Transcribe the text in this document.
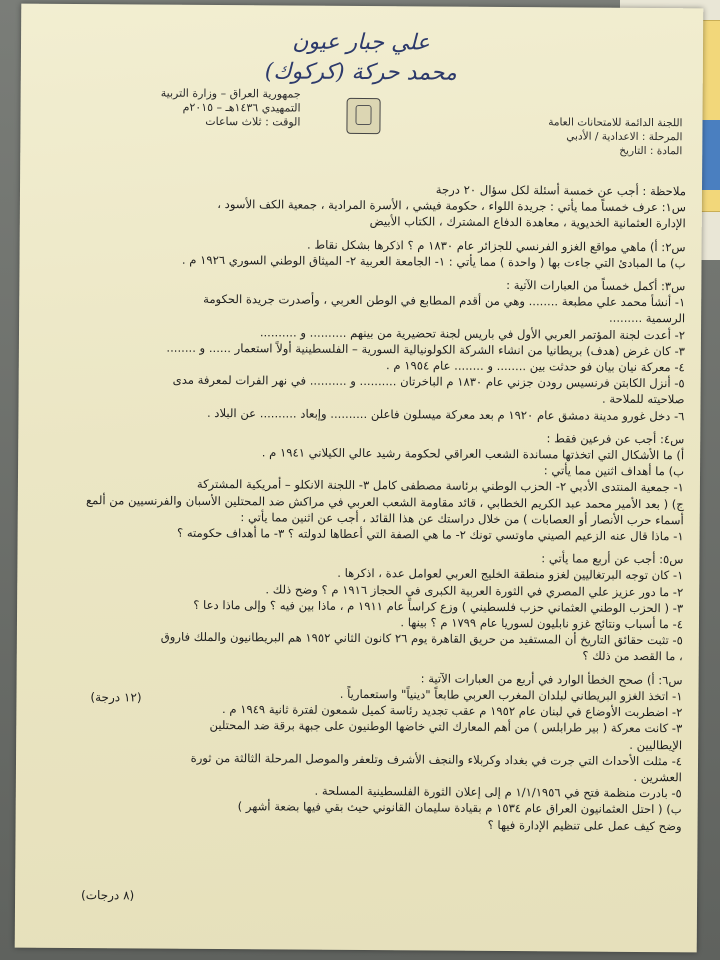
علي جبار عيون
محمد حركة (كركوك)
جمهورية العراق – وزارة التربية
التمهيدي ١٤٣٦هـ – ٢٠١٥م
الوقت : ثلاث ساعات	اللجنة الدائمة للامتحانات العامة
المرحلة : الاعدادية / الأدبي
المادة : التاريخ

ملاحظة : أجب عن خمسة أسئلة لكل سؤال ٢٠ درجة

س١: عرف خمساً مما يأتي : جريدة اللواء ، حكومة فيشي ، الأسرة المرادية ، جمعية الكف الأسود ،

الإدارة العثمانية الخديوية ، معاهدة الدفاع المشترك ، الكتاب الأبيض

س٢: أ) ماهي مواقع الغزو الفرنسي للجزائر عام ١٨٣٠ م ؟ اذكرها بشكل نقاط .

ب) ما المبادئ التي جاءت بها ( واحدة ) مما يأتي : ١- الجامعة العربية ٢- الميثاق الوطني السوري ١٩٢٦ م .

س٣: أكمل خمساً من العبارات الآتية :

١- أنشأ محمد علي مطبعة ........ وهي من أقدم المطابع في الوطن العربي ، وأصدرت جريدة الحكومة

الرسمية .........

٢- أعدت لجنة المؤتمر العربي الأول في باريس لجنة تحضيرية من بينهم .......... و ..........

٣- كان غرض (هدف) بريطانيا من انشاء الشركة الكولونيالية السورية – الفلسطينية أولاً استعمار ...... و ........

٤- معركة نيان بيان فو حدثت بين ........ و ........ عام ١٩٥٤ م .

٥- أنزل الكابتن فرنسيس رودن جزني عام ١٨٣٠ م الباخرتان .......... و .......... في نهر الفرات لمعرفة مدى

صلاحيته للملاحة .

٦- دخل غورو مدينة دمشق عام ١٩٢٠ م بعد معركة ميسلون فاعلن .......... وإبعاد .......... عن البلاد .

س٤: أجب عن فرعين فقط :

أ) ما الأشكال التي اتخذتها مساندة الشعب العراقي لحكومة رشيد عالي الكيلاني ١٩٤١ م .

ب) ما أهداف اثنين مما يأتي :

١- جمعية المنتدى الأدبي ٢- الحزب الوطني برئاسة مصطفى كامل ٣- اللجنة الانكلو – أمريكية المشتركة

ج) ( بعد الأمير محمد عبد الكريم الخطابي ، قائد مقاومة الشعب العربي في مراكش ضد المحتلين الأسبان والفرنسيين من ألمع

أسماء حرب الأنصار أو العصابات ) من خلال دراستك عن هذا القائد ، أجب عن اثنين مما يأتي :

١- ماذا قال عنه الزعيم الصيني ماوتسي تونك ٢- ما هي الصفة التي أعطاها لدولته ؟ ٣- ما أهداف حكومته ؟

س٥: أجب عن أربع مما يأتي :

١- كان توجه البرتغاليين لغزو منطقة الخليج العربي لعوامل عدة ، اذكرها .

٢- ما دور عزيز علي المصري في الثورة العربية الكبرى في الحجاز ١٩١٦ م ؟ وضح ذلك .

٣- ( الحزب الوطني العثماني حزب فلسطيني ) وزع كراساً عام ١٩١١ م ، ماذا بين فيه ؟ وإلى ماذا دعا ؟

٤- ما أسباب ونتائج غزو نابليون لسوريا عام ١٧٩٩ م ؟ بينها .

٥- تثبت حقائق التاريخ أن المستفيد من حريق القاهرة يوم ٢٦ كانون الثاني ١٩٥٢ هم البريطانيون والملك فاروق

، ما القصد من ذلك ؟

س٦: أ) صحح الخطأ الوارد في أربع من العبارات الآتية :

١- اتخذ الغزو البريطاني لبلدان المغرب العربي طابعاً "دينياً" واستعمارياً .

٢- اضطربت الأوضاع في لبنان عام ١٩٥٢ م عقب تجديد رئاسة كميل شمعون لفترة ثانية ١٩٤٩ م .

٣- كانت معركة ( بير طرابلس ) من أهم المعارك التي خاضها الوطنيون على جبهة برقة ضد المحتلين

الإيطاليين .

٤- مثلت الأحداث التي جرت في بغداد وكربلاء والنجف الأشرف وتلعفر والموصل المرحلة الثالثة من ثورة

العشرين .

٥- بادرت منظمة فتح في ١/١/١٩٥٦ م إلى إعلان الثورة الفلسطينية المسلحة .

ب) ( احتل العثمانيون العراق عام ١٥٣٤ م بقيادة سليمان القانوني حيث بقي فيها بضعة أشهر )

وضح كيف عمل على تنظيم الإدارة فيها ؟

(١٢ درجة)
(٨ درجات)
